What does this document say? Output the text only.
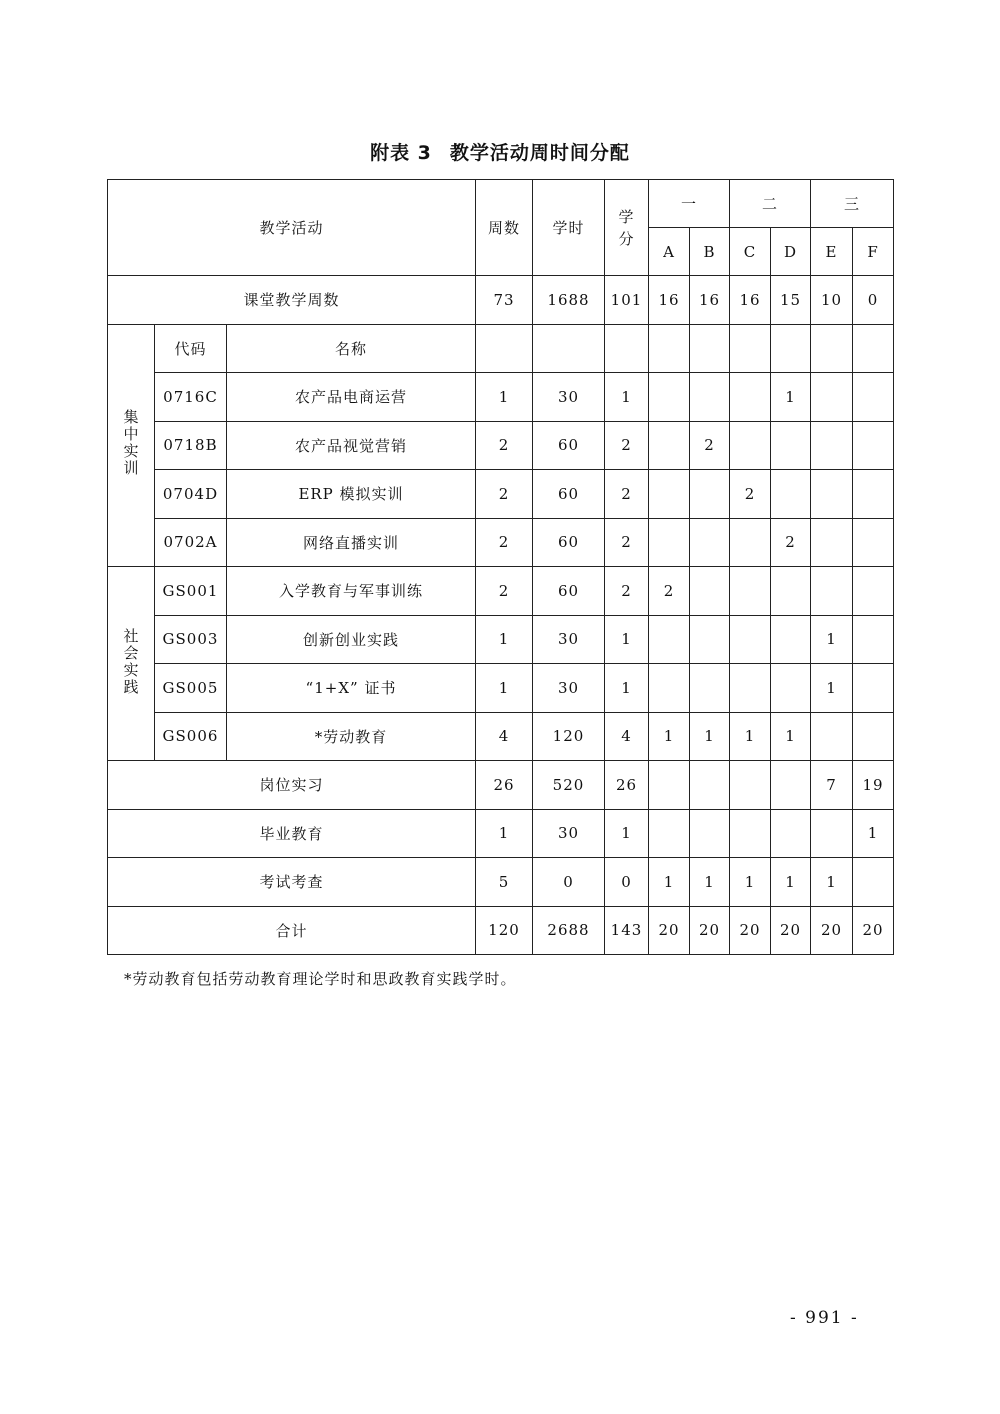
附表 3 教学活动周时间分配
教学活动			周数	学时	学
分	一		二		三	
						A	B	C	D	E	F
课堂教学周数			73	1688	101	16	16	16	15	10	0
集中实训	代码	名称									
	0716C	农产品电商运营	1	30	1				1		
	0718B	农产品视觉营销	2	60	2		2				
	0704D	ERP 模拟实训	2	60	2			2			
	0702A	网络直播实训	2	60	2				2		
社会实践	GS001	入学教育与军事训练	2	60	2	2					
	GS003	创新创业实践	1	30	1					1	
	GS005	“1+X” 证书	1	30	1					1	
	GS006	*劳动教育	4	120	4	1	1	1	1		
岗位实习			26	520	26					7	19
毕业教育			1	30	1						1
考试考查			5	0	0	1	1	1	1	1	
合计			120	2688	143	20	20	20	20	20	20
*劳动教育包括劳动教育理论学时和思政教育实践学时。
- 991 -
